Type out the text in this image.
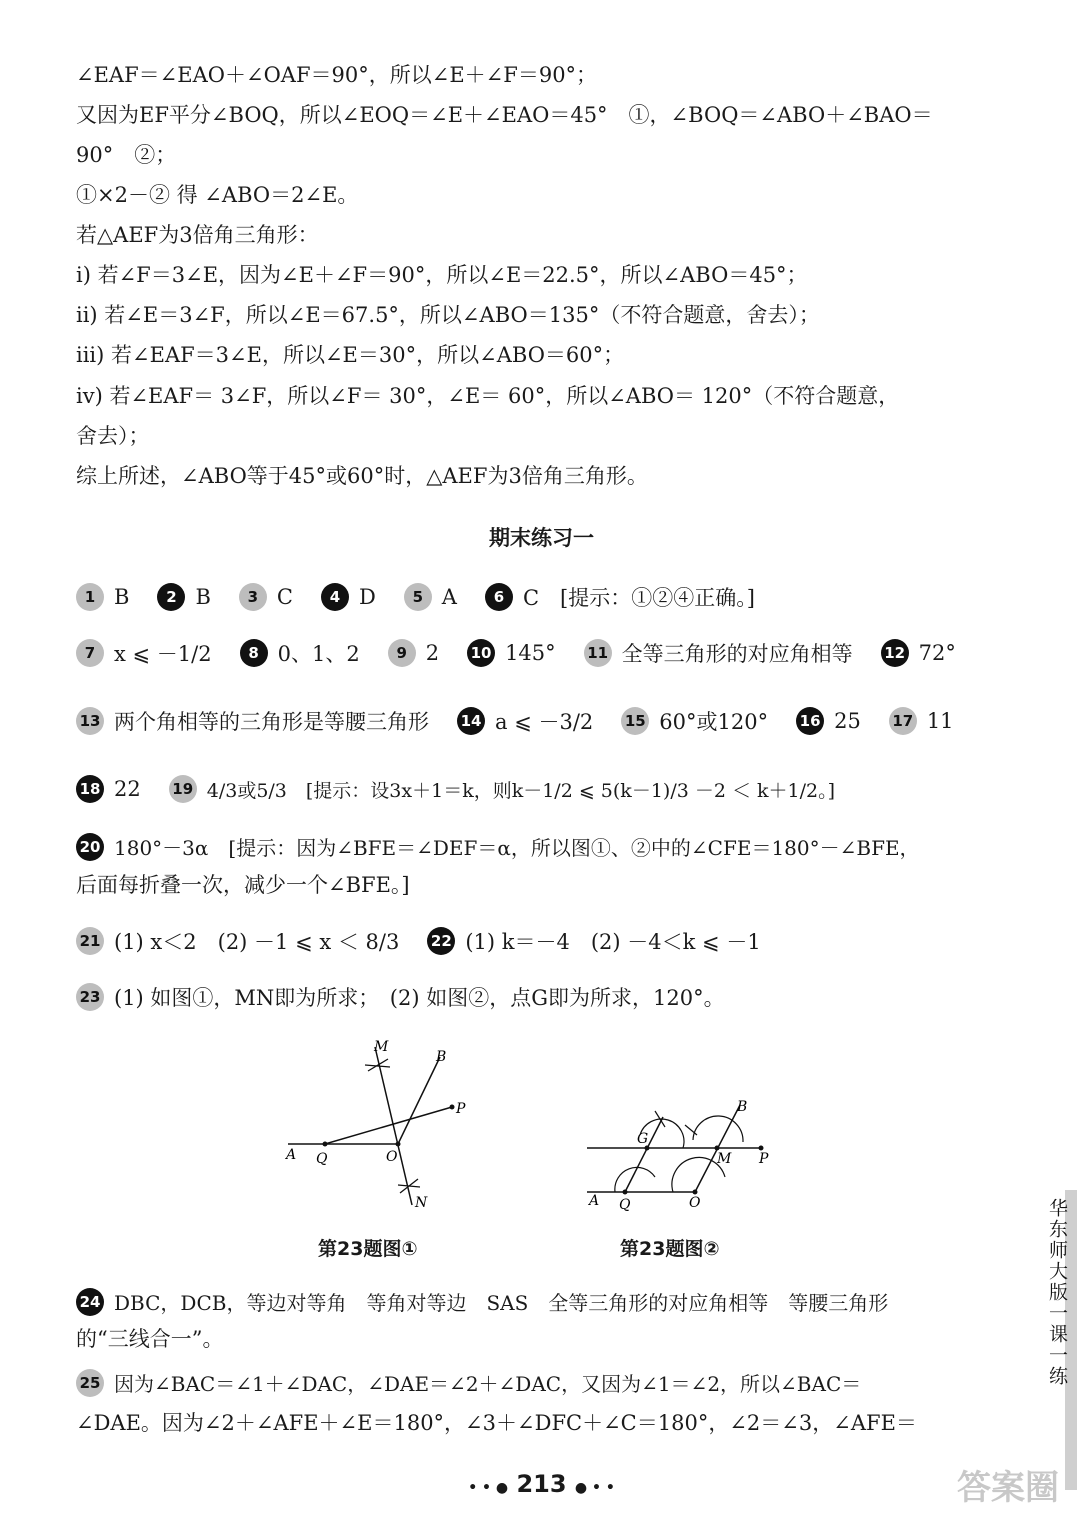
∠EAF＝∠EAO＋∠OAF＝90°，所以∠E＋∠F＝90°；
又因为EF平分∠BOQ，所以∠EOQ＝∠E＋∠EAO＝45°　①，∠BOQ＝∠ABO＋∠BAO＝
90°　②；
①×2－② 得 ∠ABO＝2∠E。
若△AEF为3倍角三角形：
i) 若∠F＝3∠E，因为∠E＋∠F＝90°，所以∠E＝22.5°，所以∠ABO＝45°；
ii) 若∠E＝3∠F，所以∠E＝67.5°，所以∠ABO＝135°（不符合题意，舍去）；
iii) 若∠EAF＝3∠E，所以∠E＝30°，所以∠ABO＝60°；
iv) 若∠EAF＝ 3∠F，所以∠F＝ 30°，∠E＝ 60°，所以∠ABO＝ 120°（不符合题意，
舍去）；
综上所述，∠ABO等于45°或60°时，△AEF为3倍角三角形。
期末练习一
1 B	2 B	3 C	4 D	5 A	6 C　[提示：①②④正确。]
7 x ⩽ －1/2	8 0、1、2	9 2 10 145° 11 全等三角形的对应角相等 12 72°
13 两个角相等的三角形是等腰三角形 14 a ⩽ －3/2 15 60°或120° 16 25 17 11
18 22 19 4/3或5/3　[提示：设3x＋1＝k，则k－1/2 ⩽ 5(k－1)/3 －2 ＜ k＋1/2。]
20 180°－3α　[提示：因为∠BFE＝∠DEF＝α，所以图①、②中的∠CFE＝180°－∠BFE，
后面每折叠一次，减少一个∠BFE。]
21 (1) x＜2　(2) －1 ⩽ x ＜ 8/3 22 (1) k＝－4　(2) －4＜k ⩽ －1
23 (1) 如图①，MN即为所求；　(2) 如图②，点G即为所求，120°。
M
N
B
P
A Q	O
第23题图①
B
G
M P
A Q	O
第23题图②
24 DBC，DCB，等边对等角　等角对等边　SAS　全等三角形的对应角相等　等腰三角形
的“三线合一”。
25 因为∠BAC＝∠1＋∠DAC，∠DAE＝∠2＋∠DAC，又因为∠1＝∠2，所以∠BAC＝
∠DAE。因为∠2＋∠AFE＋∠E＝180°，∠3＋∠DFC＋∠C＝180°，∠2＝∠3，∠AFE＝
华东师大版一课一练
• • ● 213 ● • •	答案圈
